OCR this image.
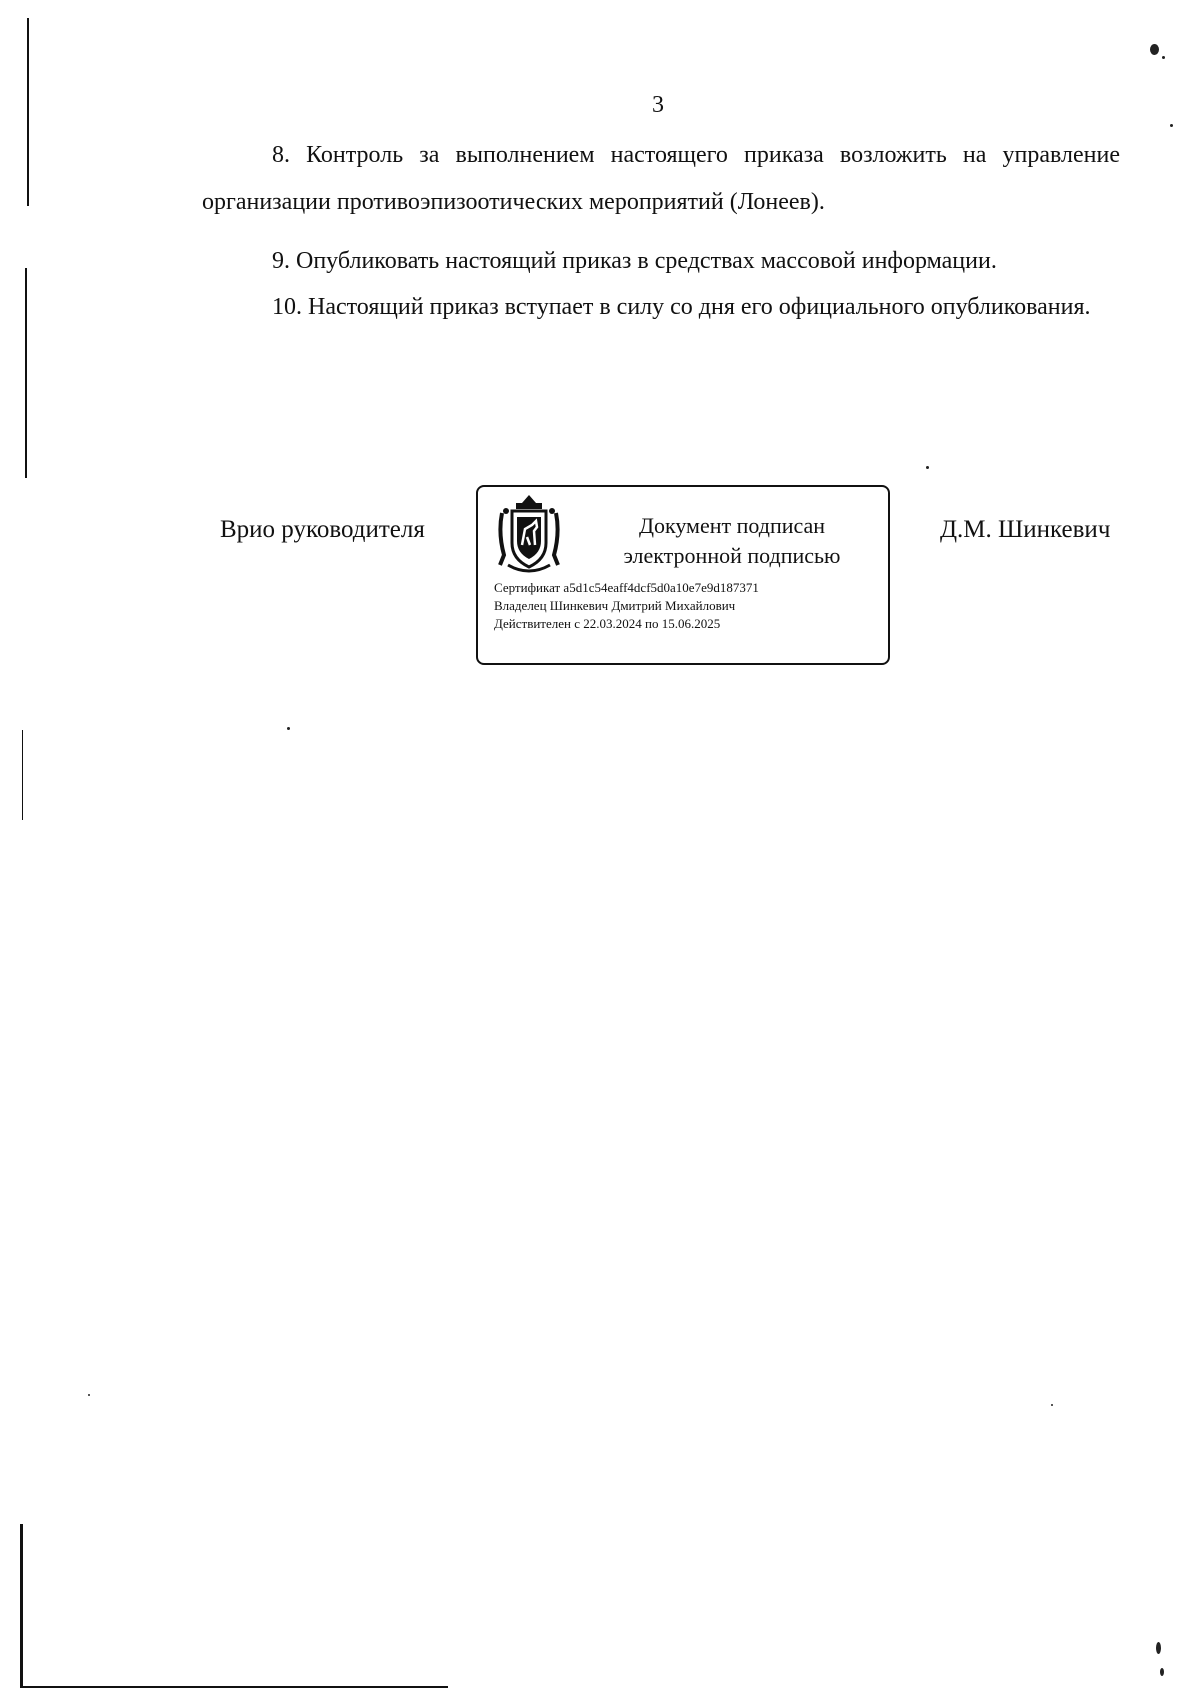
3

8. Контроль за выполнением настоящего приказа возложить на управление организации противоэпизоотических мероприятий (Лонеев).

9. Опубликовать настоящий приказ в средствах массовой информации.

10. Настоящий приказ вступает в силу со дня его официального опубликования.

Врио руководителя	Документ подписан электронной подписью
Сертификат a5d1c54eaff4dcf5d0a10e7e9d187371
Владелец Шинкевич Дмитрий Михайлович
Действителен с 22.03.2024 по 15.06.2025
Д.М. Шинкевич
